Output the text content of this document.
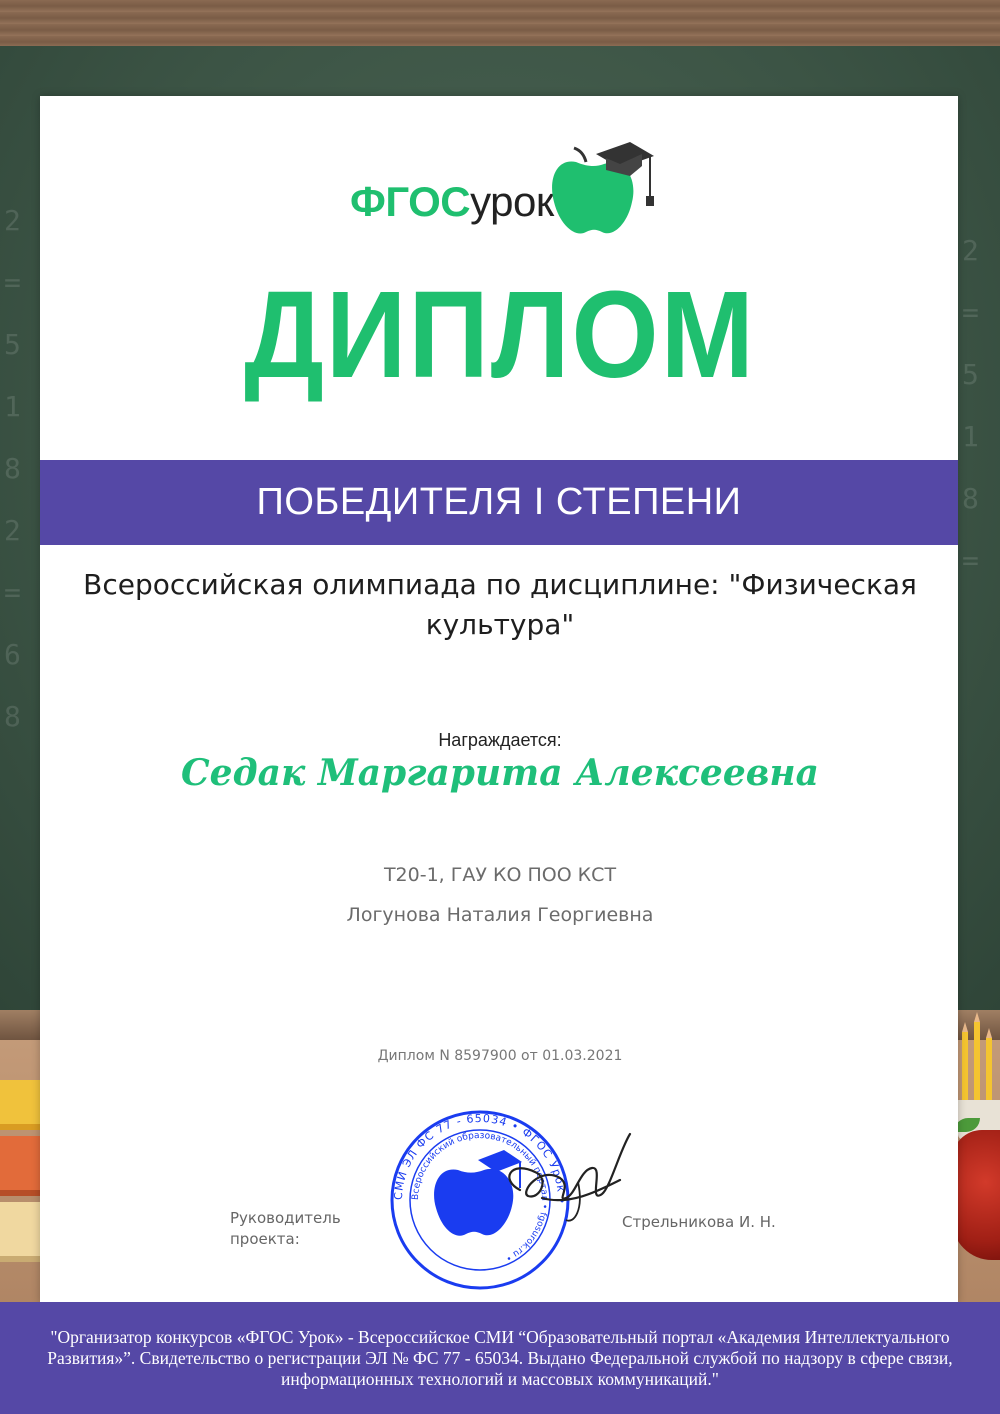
2
=
5
1
8
2
=
6
8

2
=
5
1
8
=

ФГОСурок
ДИПЛОМ
ПОБЕДИТЕЛЯ I СТЕПЕНИ
Всероссийская олимпиада по дисциплине: "Физическая культура"
Награждается:
Седак Маргарита Алексеевна
Т20-1, ГАУ КО ПОО КСТ
Логунова Наталия Георгиевна
Диплом N 8597900 от 01.03.2021
СМИ ЭЛ ФС 77 - 65034 • ФГОС Урок •
Всероссийский образовательный портал • fgosurok.ru •
Руководитель проекта:
Стрельникова И. Н.
"Организатор конкурсов «ФГОС Урок» - Всероссийское СМИ “Образовательный портал «Академия Интеллектуального Развития»”. Свидетельство о регистрации ЭЛ № ФС 77 - 65034. Выдано Федеральной службой по надзору в сфере связи, информационных технологий и массовых коммуникаций."
